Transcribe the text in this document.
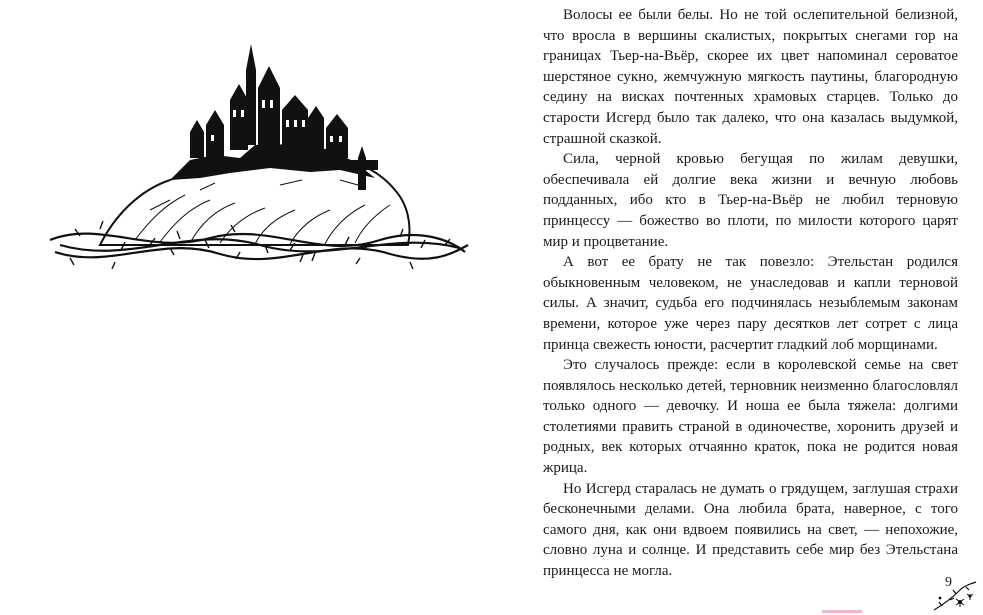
Волосы ее были белы. Но не той ослепительной белизной, что вросла в вершины скалистых, покрытых снегами гор на границах Тьер-на-Вьёр, скорее их цвет напоминал сероватое шерстяное сукно, жемчужную мягкость паутины, благородную седину на висках почтенных храмовых старцев. Только до старости Исгерд было так далеко, что она казалась выдумкой, страшной сказкой.

Сила, черной кровью бегущая по жилам девушки, обеспечивала ей долгие века жизни и вечную любовь подданных, ибо кто в Тьер-на-Вьёр не любил терновую принцессу — божество во плоти, по милости которого царят мир и процветание.

А вот ее брату не так повезло: Этельстан родился обыкновенным человеком, не унаследовав и капли терновой силы. А значит, судьба его подчинялась незыблемым законам времени, которое уже через пару десятков лет сотрет с лица принца свежесть юности, расчертит гладкий лоб морщинами.

Это случалось прежде: если в королевской семье на свет появлялось несколько детей, терновник неизменно благословлял только одного — девочку. И ноша ее была тяжела: долгими столетиями править страной в одиночестве, хоронить друзей и родных, век которых отчаянно краток, пока не родится новая жрица.

Но Исгерд старалась не думать о грядущем, заглушая страхи бесконечными делами. Она любила брата, наверное, с того самого дня, как они вдвоем появились на свет, — непохожие, словно луна и солнце. И представить себе мир без Этельстана принцесса не могла.

9
